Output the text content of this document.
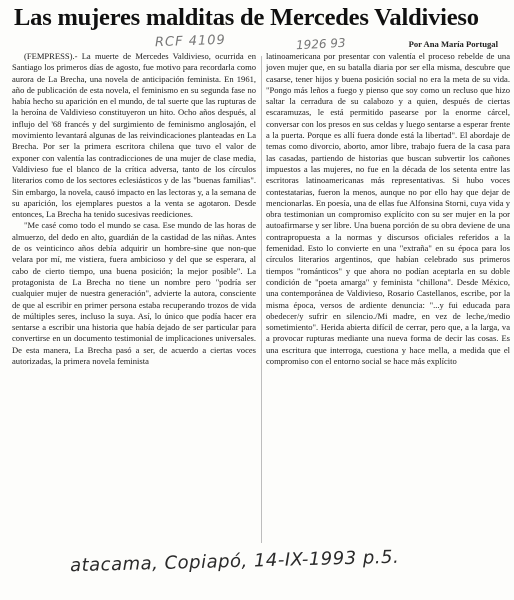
Las mujeres malditas de Mercedes Valdivieso
Por Ana María Portugal
RCF 4109	1926 93

(FEMPRESS).- La muerte de Mercedes Valdivieso, ocurrida en Santiago los primeros días de agosto, fue motivo para recordarla como aurora de La Brecha, una novela de anticipación feminista. En 1961, año de publicación de esta novela, el feminismo en su segunda fase no había hecho su aparición en el mundo, de tal suerte que las rupturas de la heroína de Valdivieso constituyeron un hito. Ocho años después, al influjo del '68 francés y del surgimiento de feminismo anglosajón, el movimiento levantará algunas de las reivindicaciones planteadas en La Brecha. Por ser la primera escritora chilena que tuvo el valor de exponer con valentía las contradicciones de una mujer de clase media, Valdivieso fue el blanco de la crítica adversa, tanto de los círculos literarios como de los sectores eclesiásticos y de las "buenas familias". Sin embargo, la novela, causó impacto en las lectoras y, a la semana de su aparición, los ejemplares puestos a la venta se agotaron. Desde entonces, La Brecha ha tenido sucesivas reediciones.

"Me casé como todo el mundo se casa. Ese mundo de las horas de almuerzo, del dedo en alto, guardián de la castidad de las niñas. Antes de os veinticinco años debía adquirir un hombre-sine que non-que velara por mí, me vistiera, fuera ambicioso y del que se esperara, al cabo de cierto tiempo, una buena posición; la mejor posible". La protagonista de La Brecha no tiene un nombre pero "podría ser cualquier mujer de nuestra generación", advierte la autora, consciente de que al escribir en primer persona estaba recuperando trozos de vida de múltiples seres, incluso la suya. Así, lo único que podía hacer era sentarse a escribir una historia que había dejado de ser particular para convertirse en un documento testimonial de implicaciones universales. De esta manera, La Brecha pasó a ser, de acuerdo a ciertas voces autorizadas, la primera novela feminista

latinoamericana por presentar con valentía el proceso rebelde de una joven mujer que, en su batalla diaria por ser ella misma, descubre que casarse, tener hijos y buena posición social no era la meta de su vida. "Pongo más leños a fuego y pienso que soy como un recluso que hizo saltar la cerradura de su calabozo y a quien, después de ciertas escaramuzas, le está permitido pasearse por la enorme cárcel, conversar con los presos en sus celdas y luego sentarse a esperar frente a la puerta. Porque es allí fuera donde está la libertad". El abordaje de temas como divorcio, aborto, amor libre, trabajo fuera de la casa para las casadas, partiendo de historias que buscan subvertir los cañones impuestos a las mujeres, no fue en la década de los setenta entre las escritoras latinoamericanas más representativas. Si hubo voces contestatarias, fueron la menos, aunque no por ello hay que dejar de mencionarlas. En poesía, una de ellas fue Alfonsina Storni, cuya vida y obra testimonian un compromiso explícito con su ser mujer en la por autoafirmarse y ser libre. Una buena porción de su obra deviene de una contrapropuesta a la normas y discursos oficiales referidos a la femenidad. Esto lo convierte en una "extraña" en su época para los círculos literarios argentinos, que habían celebrado sus primeros tiempos "románticos" y que ahora no podían aceptarla en su doble condición de "poeta amarga" y feminista "chillona". Desde México, una contemporánea de Valdivieso, Rosario Castellanos, escribe, por la misma época, versos de ardiente denuncia: "...y fui educada para obedecer/y sufrir en silencio./Mi madre, en vez de leche,/medio sometimiento". Herida abierta difícil de cerrar, pero que, a la larga, va a provocar rupturas mediante una nueva forma de decir las cosas. Es una escritura que interroga, cuestiona y hace mella, a medida que el compromiso con el entorno social se hace más explícito

atacama, Copiapó, 14-IX-1993 p.5.
